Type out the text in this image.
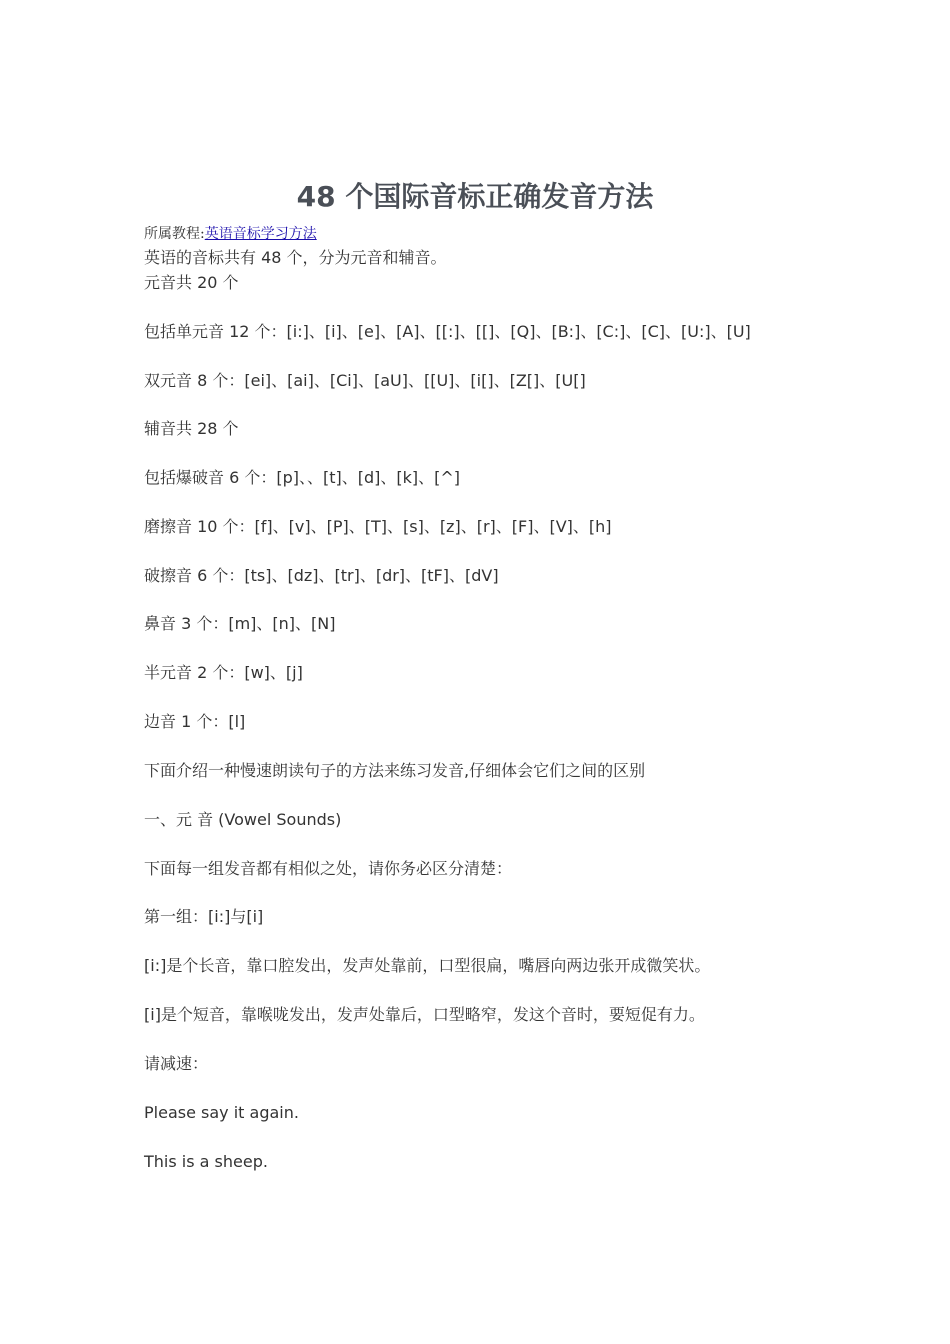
48 个国际音标正确发音方法
所属教程:英语音标学习方法

英语的音标共有 48 个，分为元音和辅音。

元音共 20 个

包括单元音 12 个：[i:]、[i]、[e]、[A]、[[:]、[[]、[Q]、[B:]、[C:]、[C]、[U:]、[U]

双元音 8 个：[ei]、[ai]、[Ci]、[aU]、[[U]、[i[]、[Z[]、[U[]

辅音共 28 个

包括爆破音 6 个：[p]、、[t]、[d]、[k]、[^]

磨擦音 10 个：[f]、[v]、[P]、[T]、[s]、[z]、[r]、[F]、[V]、[h]

破擦音 6 个：[ts]、[dz]、[tr]、[dr]、[tF]、[dV]

鼻音 3 个：[m]、[n]、[N]

半元音 2 个：[w]、[j]

边音 1 个：[l]

下面介绍一种慢速朗读句子的方法来练习发音,仔细体会它们之间的区别

一、元 音 (Vowel Sounds)

下面每一组发音都有相似之处，请你务必区分清楚：

第一组：[i:]与[i]

[i:]是个长音，靠口腔发出，发声处靠前，口型很扁，嘴唇向两边张开成微笑状。

[i]是个短音，靠喉咙发出，发声处靠后，口型略窄，发这个音时，要短促有力。

请减速：

Please say it again.

This is a sheep.
